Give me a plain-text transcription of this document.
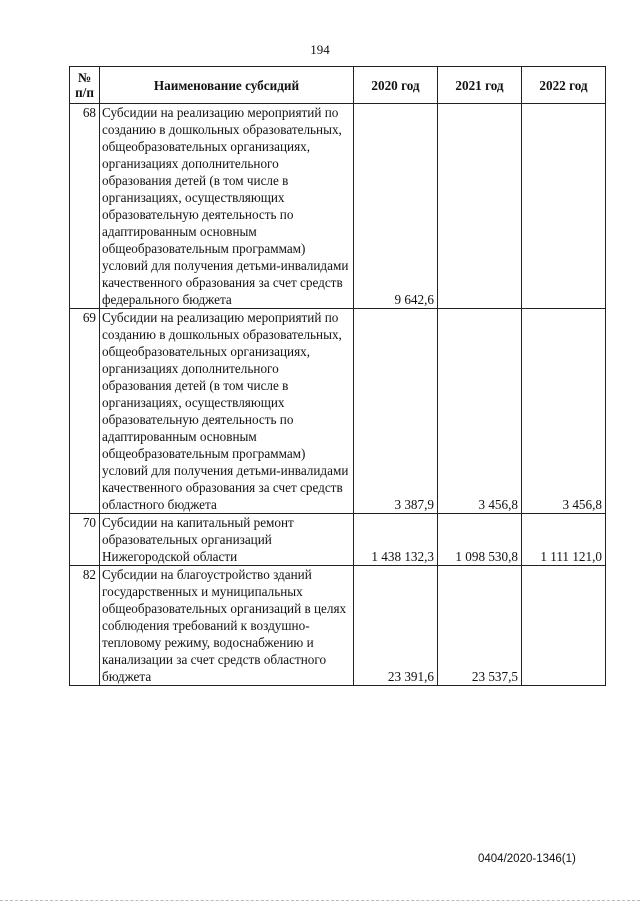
194
№ п/п	Наименование субсидий	2020 год	2021 год	2022 год
68	Субсидии на реализацию мероприятий по созданию в дошкольных образовательных, общеобразовательных организациях, организациях дополнительного образования детей (в том числе в организациях, осуществляющих образовательную деятельность по адаптированным основным общеобразовательным программам) условий для получения детьми-инвалидами качественного образования за счет средств федерального бюджета	9 642,6		
69	Субсидии на реализацию мероприятий по созданию в дошкольных образовательных, общеобразовательных организациях, организациях дополнительного образования детей (в том числе в организациях, осуществляющих образовательную деятельность по адаптированным основным общеобразовательным программам) условий для получения детьми-инвалидами качественного образования за счет средств областного бюджета	3 387,9	3 456,8	3 456,8
70	Субсидии на капитальный ремонт образовательных организаций Нижегородской области	1 438 132,3	1 098 530,8	1 111 121,0
82	Субсидии на благоустройство зданий государственных и муниципальных общеобразовательных организаций в целях соблюдения требований к воздушно-тепловому режиму, водоснабжению и канализации за счет средств областного бюджета	23 391,6	23 537,5	
0404/2020-1346(1)
